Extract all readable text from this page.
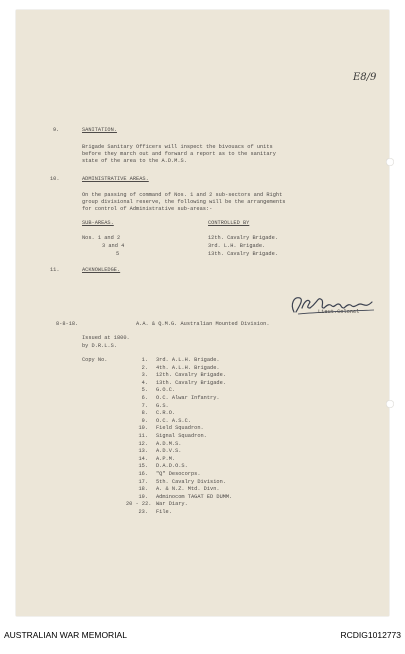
E8/9
9.	SANITATION.
Brigade Sanitary Officers will inspect the bivouacs of units
before they march out and forward a report as to the sanitary
state of the area to the A.D.M.S.
10.	ADMINISTRATIVE AREAS.
On the passing of command of Nos. 1 and 2 sub-sectors and Right
group divisional reserve, the following will be the arrangements
for control of Administrative sub-areas:-
SUB-AREAS.	CONTROLLED BY
Nos. 1 and 2	12th. Cavalry Brigade.
3 and 4	3rd. L.H. Brigade.
5	13th. Cavalry Brigade.
11.	ACKNOWLEDGE.
Lieut.Colonel
8-8-18.	A.A. & Q.M.G. Australian Mounted Division.
Issued at 1800.
by D.R.L.S.
Copy No.	1. 3rd. A.L.H. Brigade.
2. 4th. A.L.H. Brigade.
3. 12th. Cavalry Brigade.
4. 13th. Cavalry Brigade.
5. G.O.C.
6. O.C. Alwar Infantry.
7. G.S.
8. C.R.O.
9. O.C. A.S.C.
10. Field Squadron.
11. Signal Squadron.
12. A.D.M.S.
13. A.D.V.S.
14. A.P.M.
15. D.A.D.O.S.
16. "Q" Desocorps.
17. 5th. Cavalry Division.
18. A. & N.Z. Mtd. Divn.
19. Adminocom TAGAT ED DUMM.
20 - 22. War Diary.
23. File.
AUSTRALIAN WAR MEMORIAL	RCDIG1012773
